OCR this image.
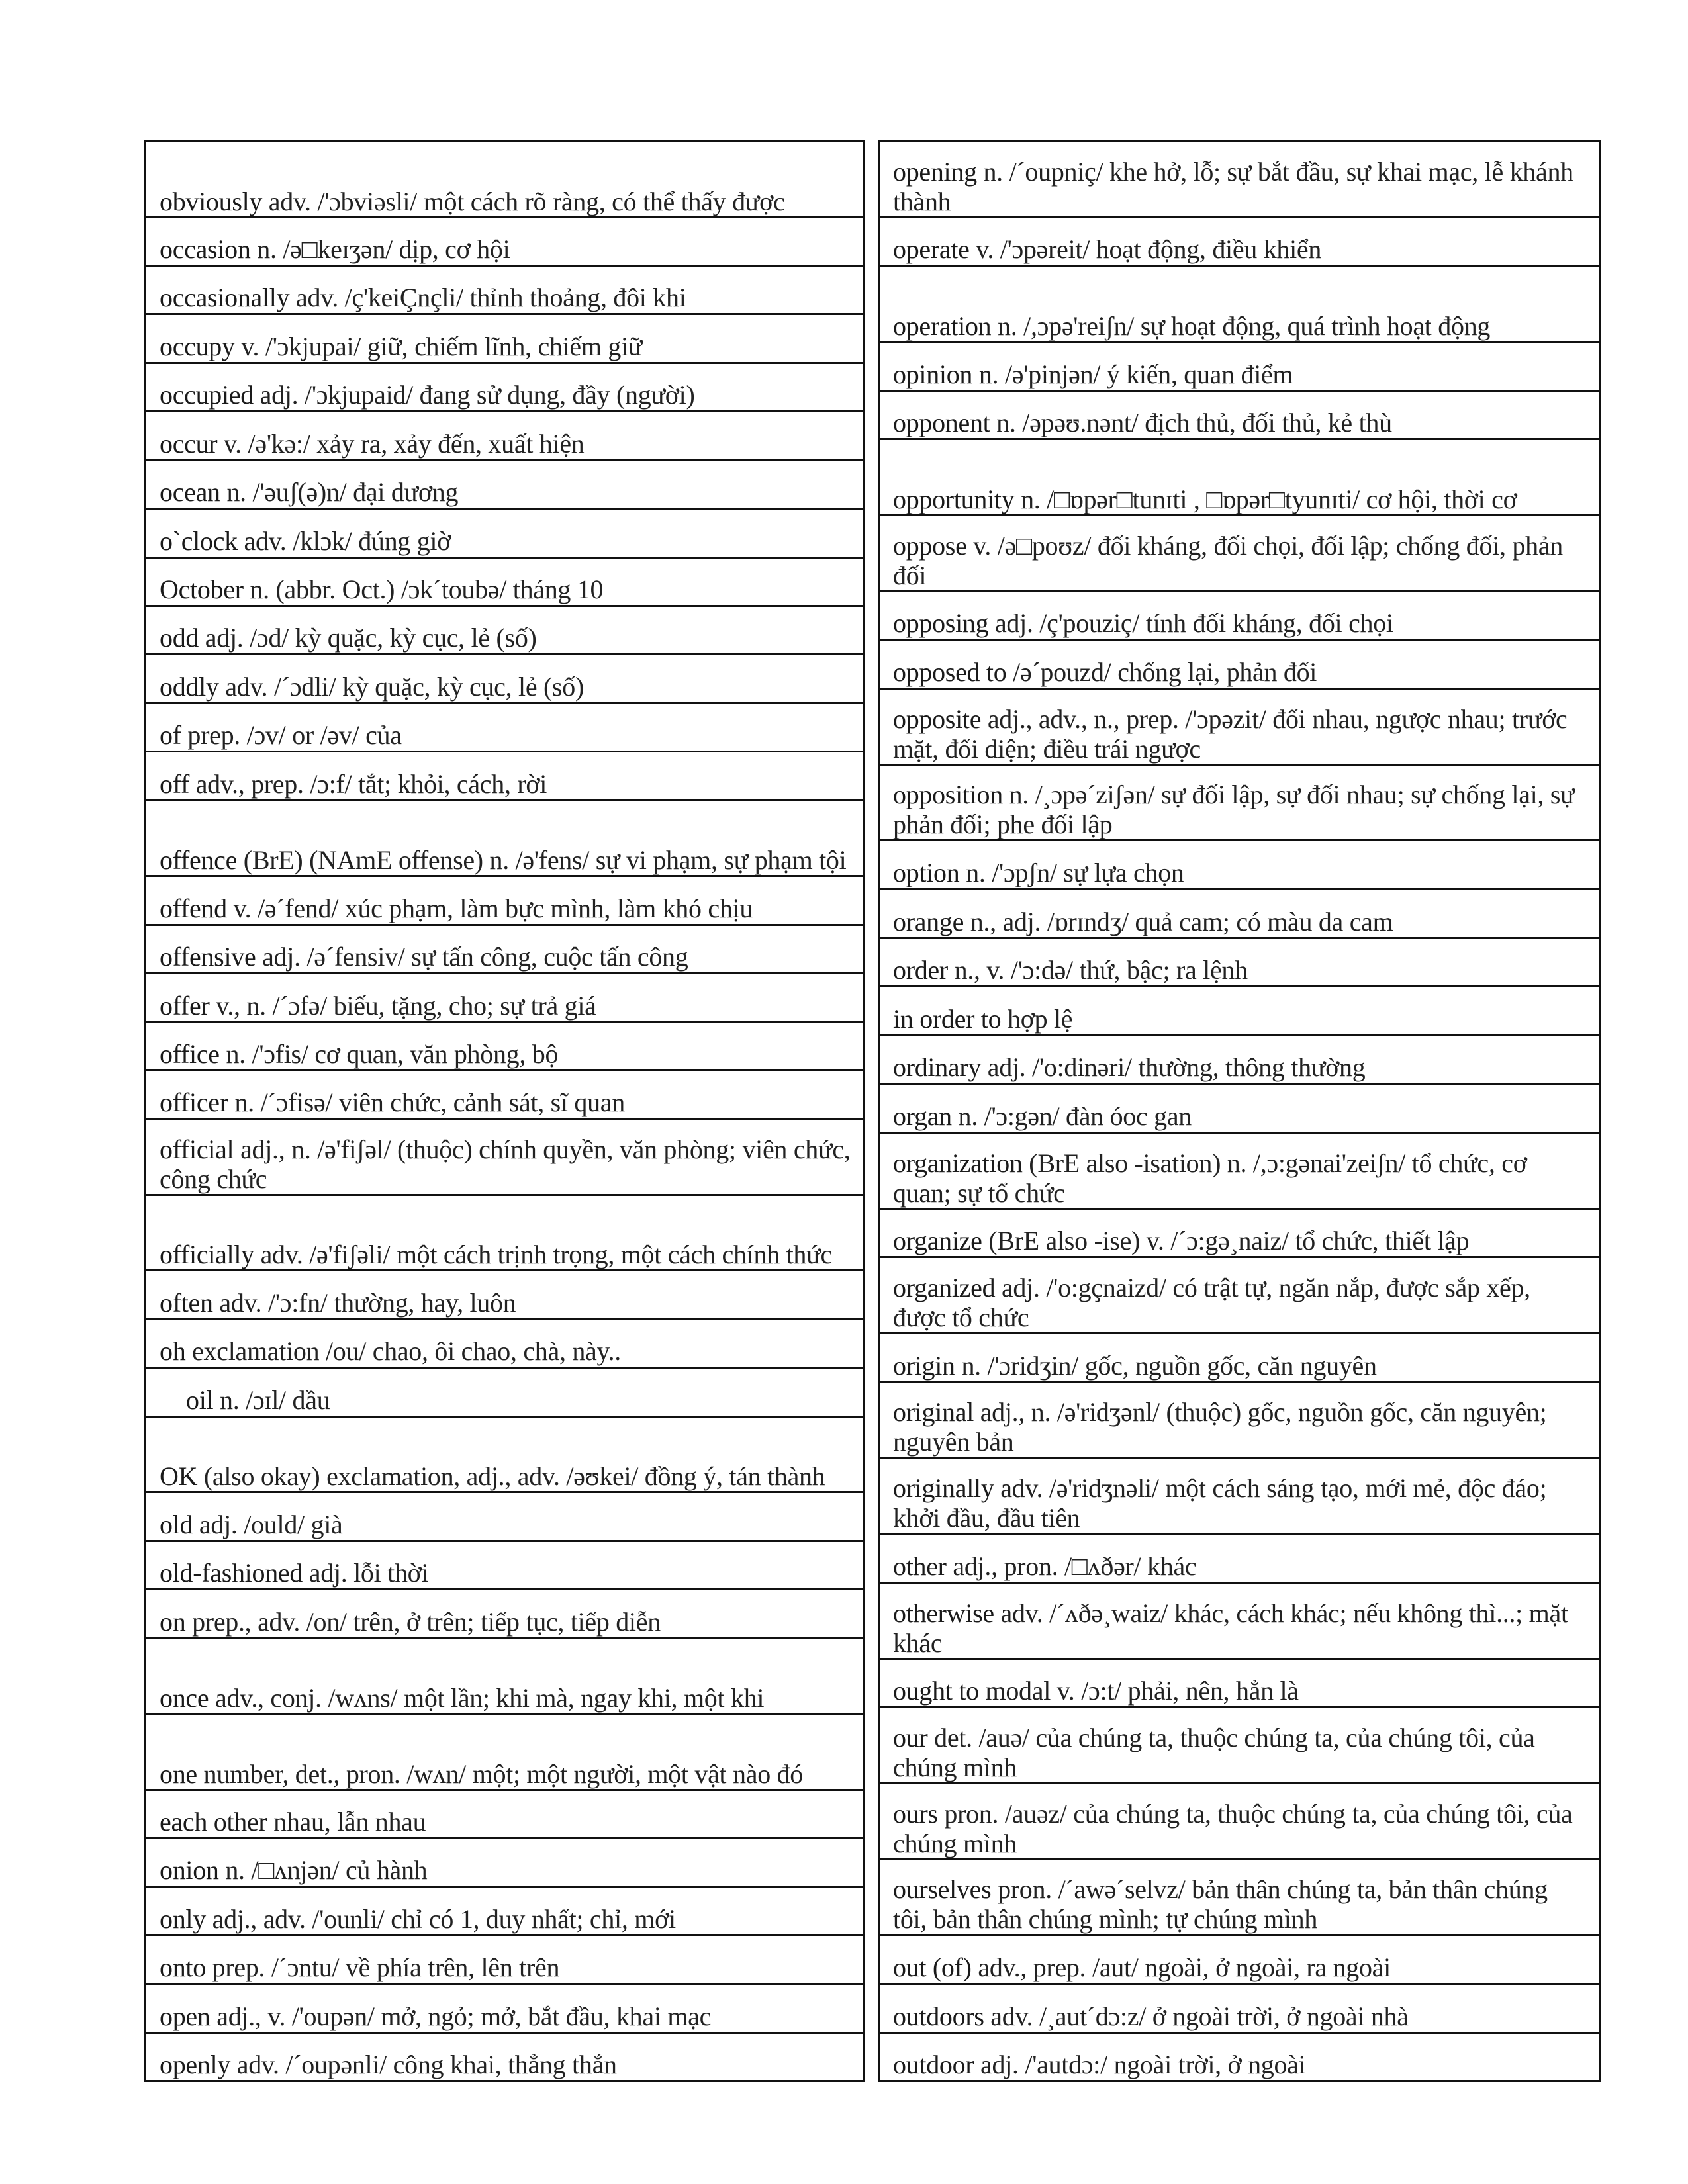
obviously adv. /'ɔbviəsli/ một cách rõ ràng, có thể thấy được
occasion n. /ə□keɪʒən/ dịp, cơ hội
occasionally adv. /ç'keiÇnçli/ thỉnh thoảng, đôi khi
occupy v. /'ɔkjupai/ giữ, chiếm lĩnh, chiếm giữ
occupied adj. /'ɔkjupaid/ đang sử dụng, đầy (người)
occur v. /ə'kə:/ xảy ra, xảy đến, xuất hiện
ocean n. /'əuʃ(ə)n/ đại dương
o`clock adv. /klɔk/ đúng giờ
October n. (abbr. Oct.) /ɔk´toubə/ tháng 10
odd adj. /ɔd/ kỳ quặc, kỳ cục, lẻ (số)
oddly adv. /´ɔdli/ kỳ quặc, kỳ cục, lẻ (số)
of prep. /ɔv/ or /əv/ của
off adv., prep. /ɔ:f/ tắt; khỏi, cách, rời
offence (BrE) (NAmE offense) n. /ə'fens/ sự vi phạm, sự phạm tội
offend v. /ə´fend/ xúc phạm, làm bực mình, làm khó chịu
offensive adj. /ə´fensiv/ sự tấn công, cuộc tấn công
offer v., n. /´ɔfə/ biếu, tặng, cho; sự trả giá
office n. /'ɔfis/ cơ quan, văn phòng, bộ
officer n. /´ɔfisə/ viên chức, cảnh sát, sĩ quan
official adj., n. /ə'fiʃəl/ (thuộc) chính quyền, văn phòng; viên chức, công chức
officially adv. /ə'fiʃəli/ một cách trịnh trọng, một cách chính thức
often adv. /'ɔ:fn/ thường, hay, luôn
oh exclamation /ou/ chao, ôi chao, chà, này..
oil n. /ɔɪl/ dầu
OK (also okay) exclamation, adj., adv. /əʊkei/ đồng ý, tán thành
old adj. /ould/ già
old-fashioned adj. lỗi thời
on prep., adv. /on/ trên, ở trên; tiếp tục, tiếp diễn
once adv., conj. /wʌns/ một lần; khi mà, ngay khi, một khi
one number, det., pron. /wʌn/ một; một người, một vật nào đó
each other nhau, lẫn nhau
onion n. /□ʌnjən/ củ hành
only adj., adv. /'ounli/ chỉ có 1, duy nhất; chỉ, mới
onto prep. /´ɔntu/ về phía trên, lên trên
open adj., v. /'oupən/ mở, ngỏ; mở, bắt đầu, khai mạc
openly adv. /´oupənli/ công khai, thẳng thắn
opening n. /´oupniç/ khe hở, lỗ; sự bắt đầu, sự khai mạc, lễ khánh thành
operate v. /'ɔpəreit/ hoạt động, điều khiển
operation n. /,ɔpə'reiʃn/ sự hoạt động, quá trình hoạt động
opinion n. /ə'pinjən/ ý kiến, quan điểm
opponent n. /əpəʊ.nənt/ địch thủ, đối thủ, kẻ thù
opportunity n. /□ɒpər□tunɪti , □ɒpər□tyunɪti/ cơ hội, thời cơ
oppose v. /ə□poʊz/ đối kháng, đối chọi, đối lập; chống đối, phản đối
opposing adj. /ç'pouziç/ tính đối kháng, đối chọi
opposed to /ə´pouzd/ chống lại, phản đối
opposite adj., adv., n., prep. /'ɔpəzit/ đối nhau, ngược nhau; trước mặt, đối diện; điều trái ngược
opposition n. /¸ɔpə´ziʃən/ sự đối lập, sự đối nhau; sự chống lại, sự phản đối; phe đối lập
option n. /'ɔpʃn/ sự lựa chọn
orange n., adj. /ɒrɪndʒ/ quả cam; có màu da cam
order n., v. /'ɔ:də/ thứ, bậc; ra lệnh
in order to hợp lệ
ordinary adj. /'o:dinəri/ thường, thông thường
organ n. /'ɔ:gən/ đàn óoc gan
organization (BrE also -isation) n. /,ɔ:gənai'zeiʃn/ tổ chức, cơ quan; sự tổ chức
organize (BrE also -ise) v. /´ɔ:gə¸naiz/ tổ chức, thiết lập
organized adj. /'o:gçnaizd/ có trật tự, ngăn nắp, được sắp xếp, được tổ chức
origin n. /'ɔridʒin/ gốc, nguồn gốc, căn nguyên
original adj., n. /ə'ridʒənl/ (thuộc) gốc, nguồn gốc, căn nguyên; nguyên bản
originally adv. /ə'ridʒnəli/ một cách sáng tạo, mới mẻ, độc đáo; khởi đầu, đầu tiên
other adj., pron. /□ʌðər/ khác
otherwise adv. /´ʌðə¸waiz/ khác, cách khác; nếu không thì...; mặt khác
ought to modal v. /ɔ:t/ phải, nên, hẳn là
our det. /auə/ của chúng ta, thuộc chúng ta, của chúng tôi, của chúng mình
ours pron. /auəz/ của chúng ta, thuộc chúng ta, của chúng tôi, của chúng mình
ourselves pron. /´awə´selvz/ bản thân chúng ta, bản thân chúng tôi, bản thân chúng mình; tự chúng mình
out (of) adv., prep. /aut/ ngoài, ở ngoài, ra ngoài
outdoors adv. /¸aut´dɔ:z/ ở ngoài trời, ở ngoài nhà
outdoor adj. /'autdɔ:/ ngoài trời, ở ngoài
